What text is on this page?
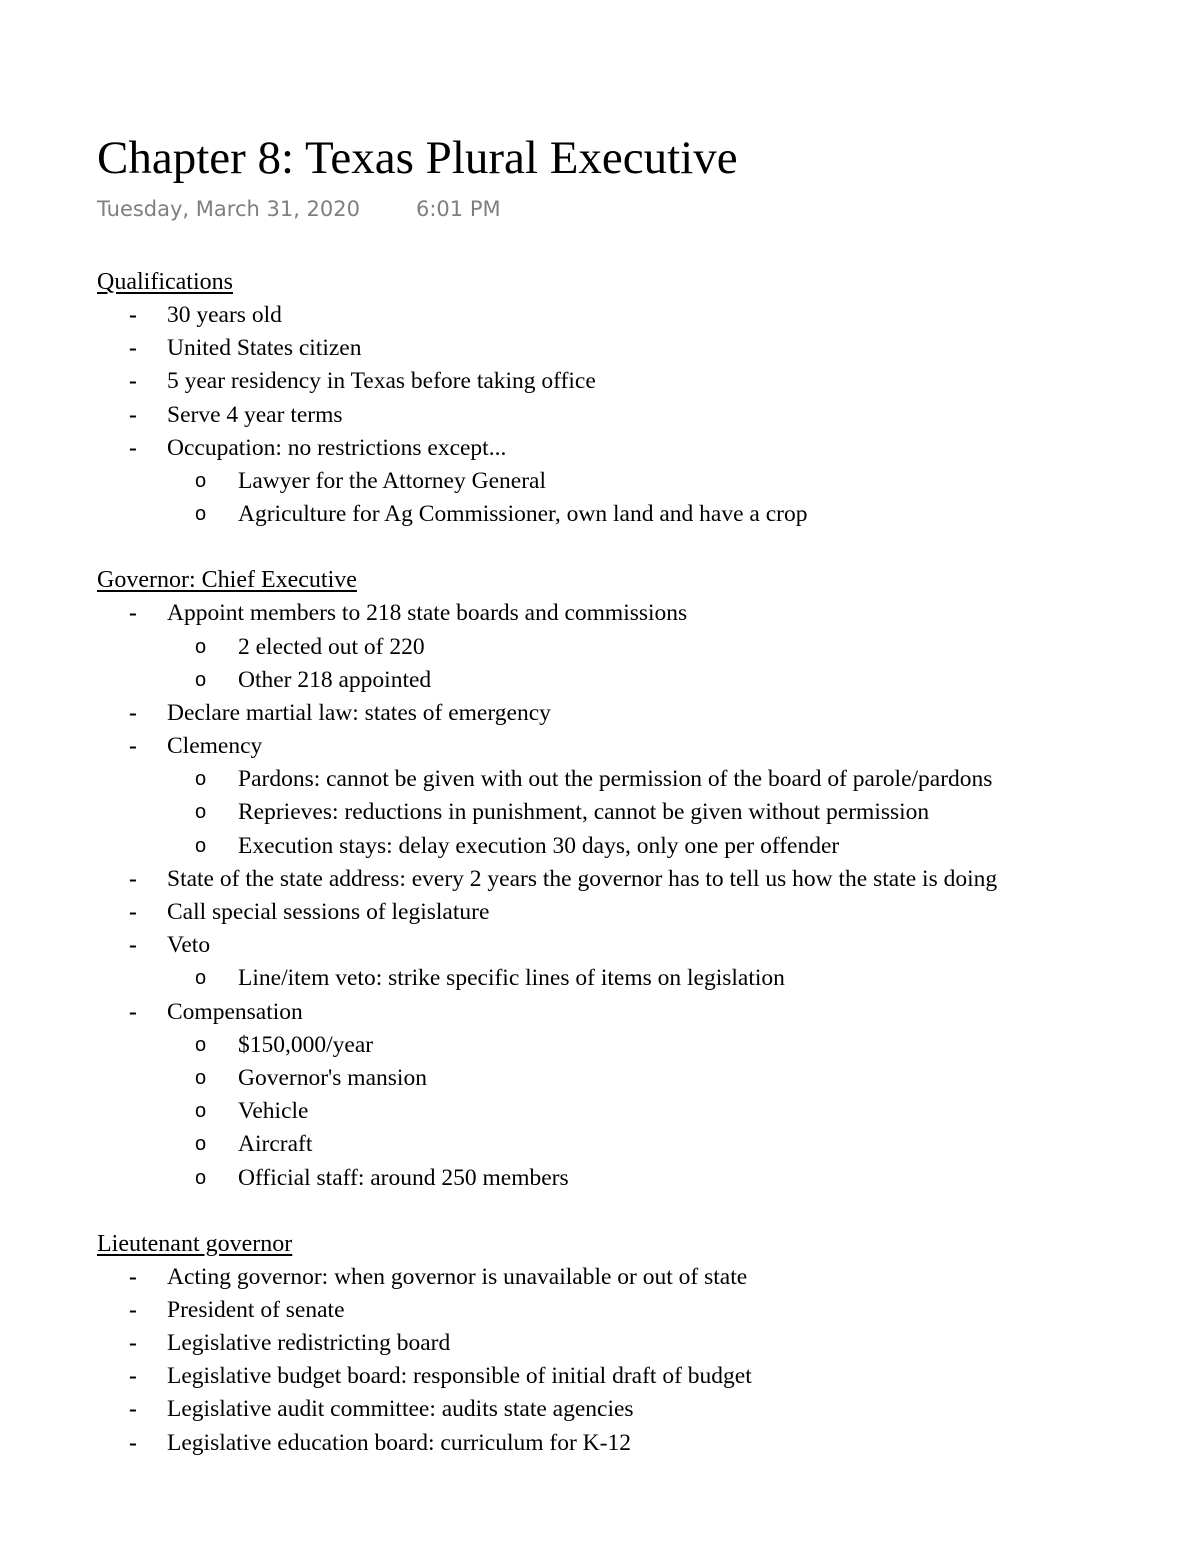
Chapter 8: Texas Plural Executive
Tuesday, March 31, 2020	6:01 PM
Qualifications
- 30 years old
- United States citizen
- 5 year residency in Texas before taking office
- Serve 4 year terms
- Occupation: no restrictions except...
o Lawyer for the Attorney General
o Agriculture for Ag Commissioner, own land and have a crop
Governor: Chief Executive
- Appoint members to 218 state boards and commissions
o 2 elected out of 220
o Other 218 appointed
- Declare martial law: states of emergency
- Clemency
o Pardons: cannot be given with out the permission of the board of parole/pardons
o Reprieves: reductions in punishment, cannot be given without permission
o Execution stays: delay execution 30 days, only one per offender
- State of the state address: every 2 years the governor has to tell us how the state is doing
- Call special sessions of legislature
- Veto
o Line/item veto: strike specific lines of items on legislation
- Compensation
o $150,000/year
o Governor's mansion
o Vehicle
o Aircraft
o Official staff: around 250 members
Lieutenant governor
- Acting governor: when governor is unavailable or out of state
- President of senate
- Legislative redistricting board
- Legislative budget board: responsible of initial draft of budget
- Legislative audit committee: audits state agencies
- Legislative education board: curriculum for K-12
